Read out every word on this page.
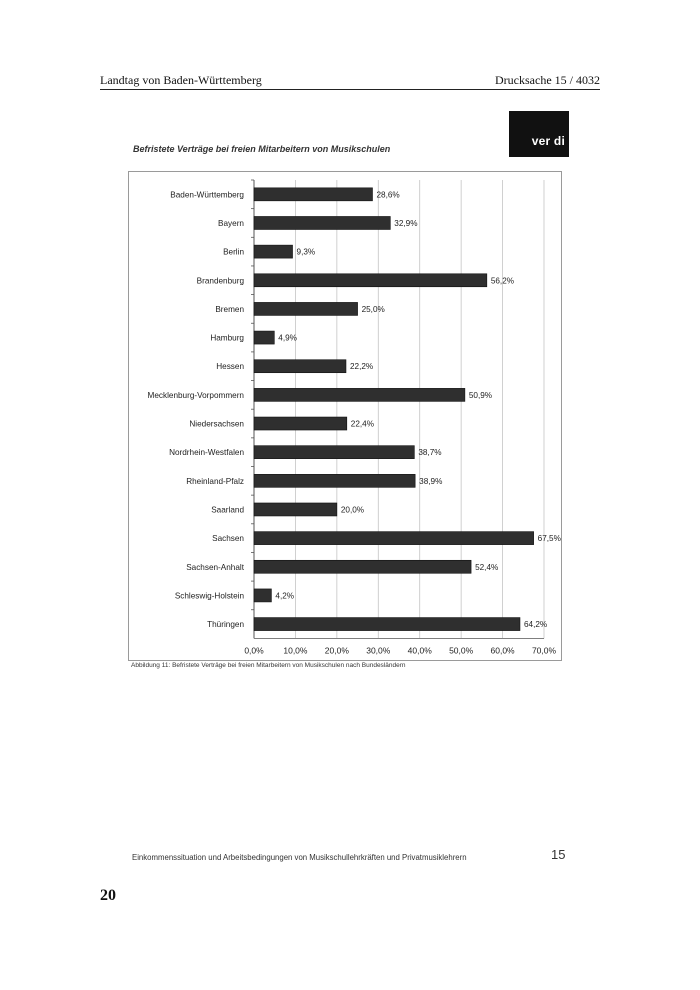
Landtag von Baden-Württemberg	Drucksache 15 / 4032
Befristete Verträge bei freien Mitarbeitern von Musikschulen
ver di
0,0% 10,0% 20,0% 30,0% 40,0% 50,0% 60,0% 70,0%
Baden-Württemberg	28,6%
Bayern	32,9%
Berlin	9,3%
Brandenburg	56,2%
Bremen	25,0%
Hamburg	4,9%
Hessen	22,2%
Mecklenburg-Vorpommern	50,9%
Niedersachsen	22,4%
Nordrhein-Westfalen	38,7%
Rheinland-Pfalz	38,9%
Saarland	20,0%
Sachsen	67,5%
Sachsen-Anhalt	52,4%
Schleswig-Holstein	4,2%
Thüringen	64,2%
Abbildung 11: Befristete Verträge bei freien Mitarbeitern von Musikschulen nach Bundesländern
Einkommenssituation und Arbeitsbedingungen von Musikschullehrkräften und Privatmusiklehrern	15
20
